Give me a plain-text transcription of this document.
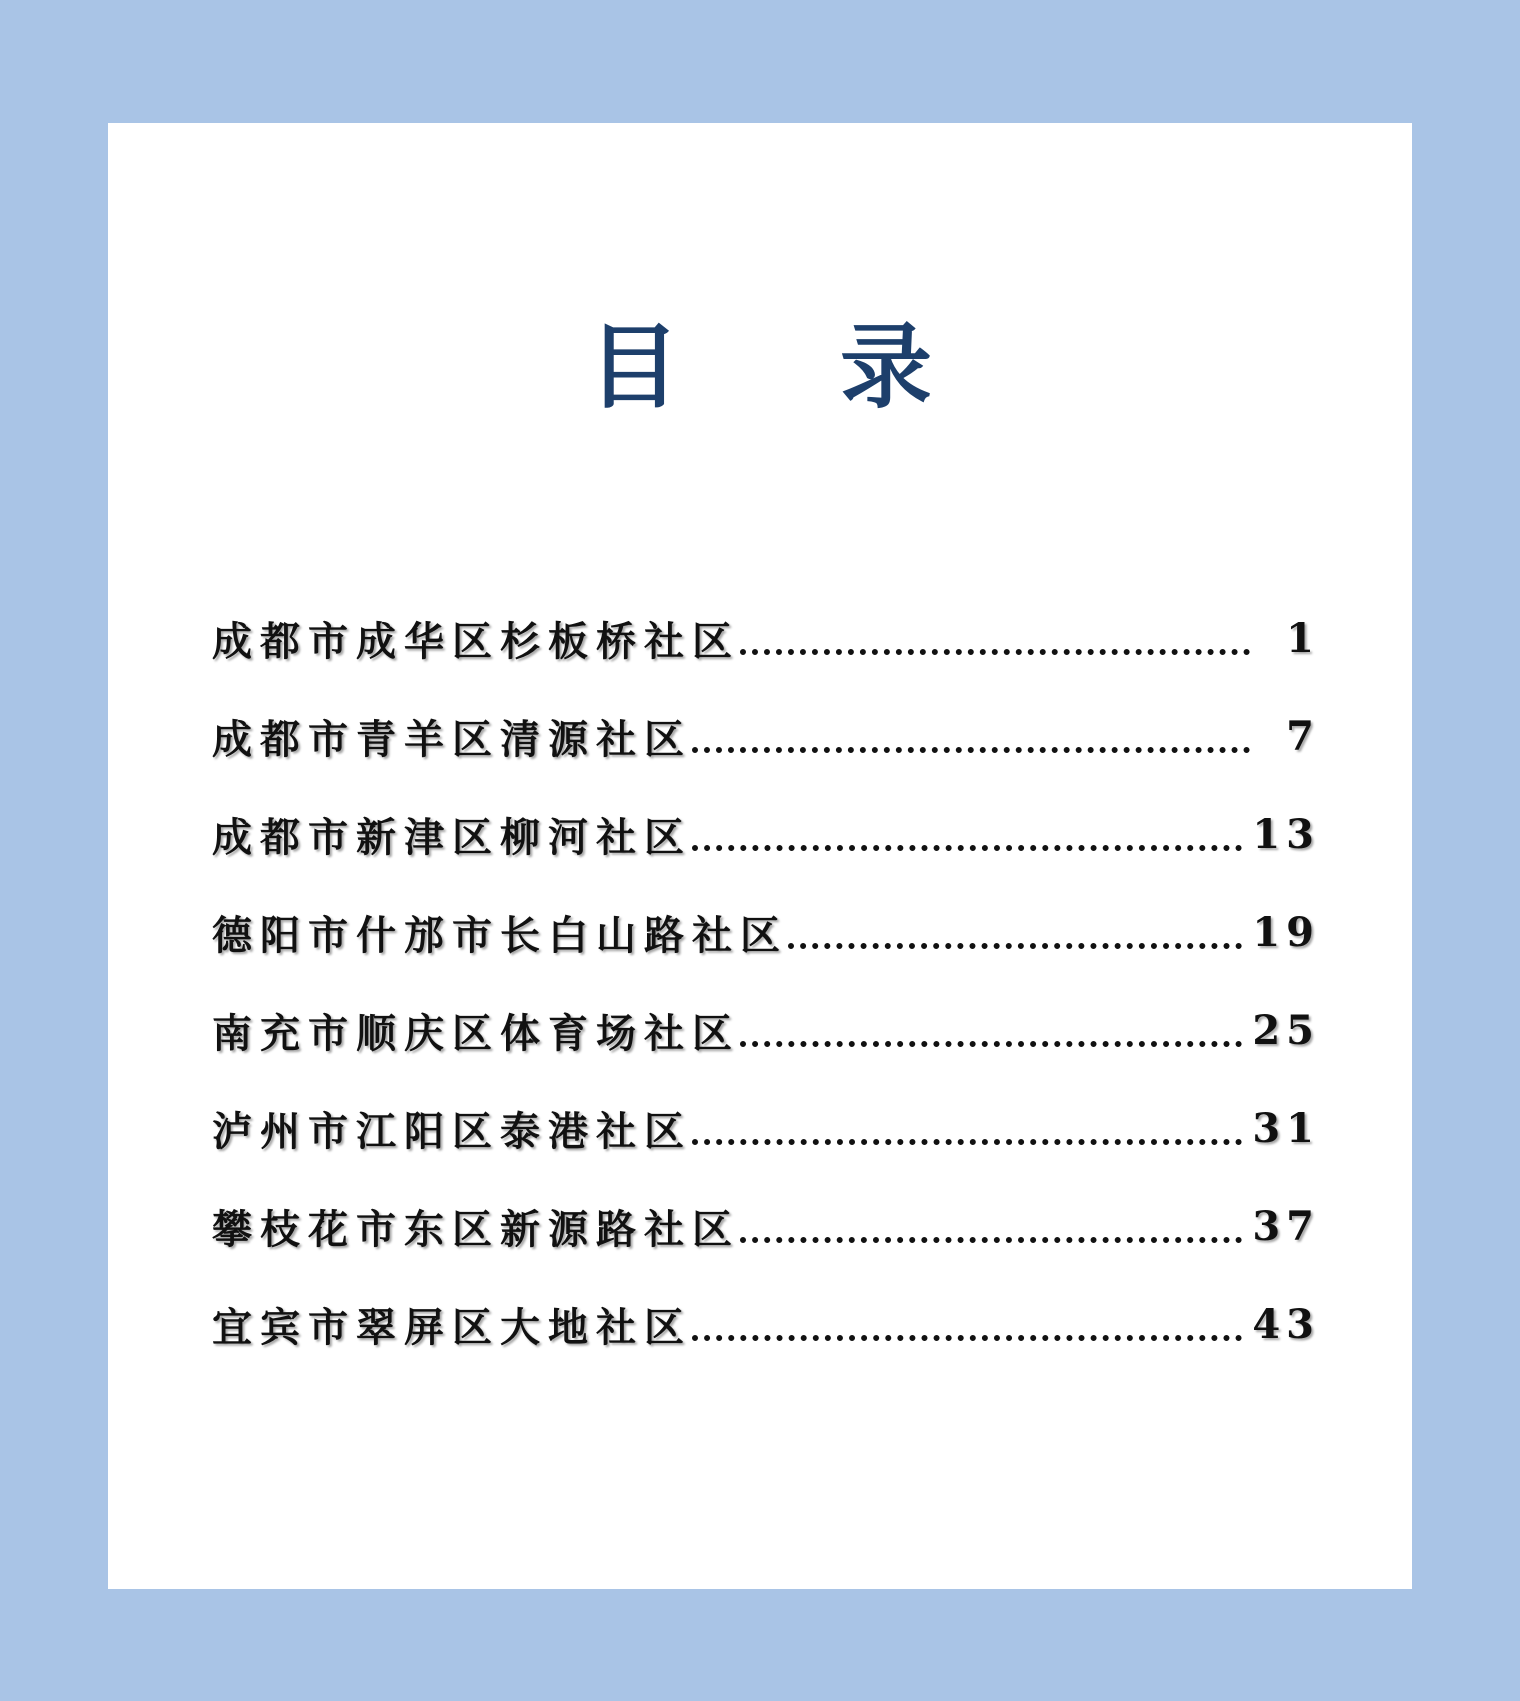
目 录
成都市成华区杉板桥社区	1
成都市青羊区清源社区	7
成都市新津区柳河社区	13
德阳市什邡市长白山路社区	19
南充市顺庆区体育场社区	25
泸州市江阳区泰港社区	31
攀枝花市东区新源路社区	37
宜宾市翠屏区大地社区	43
